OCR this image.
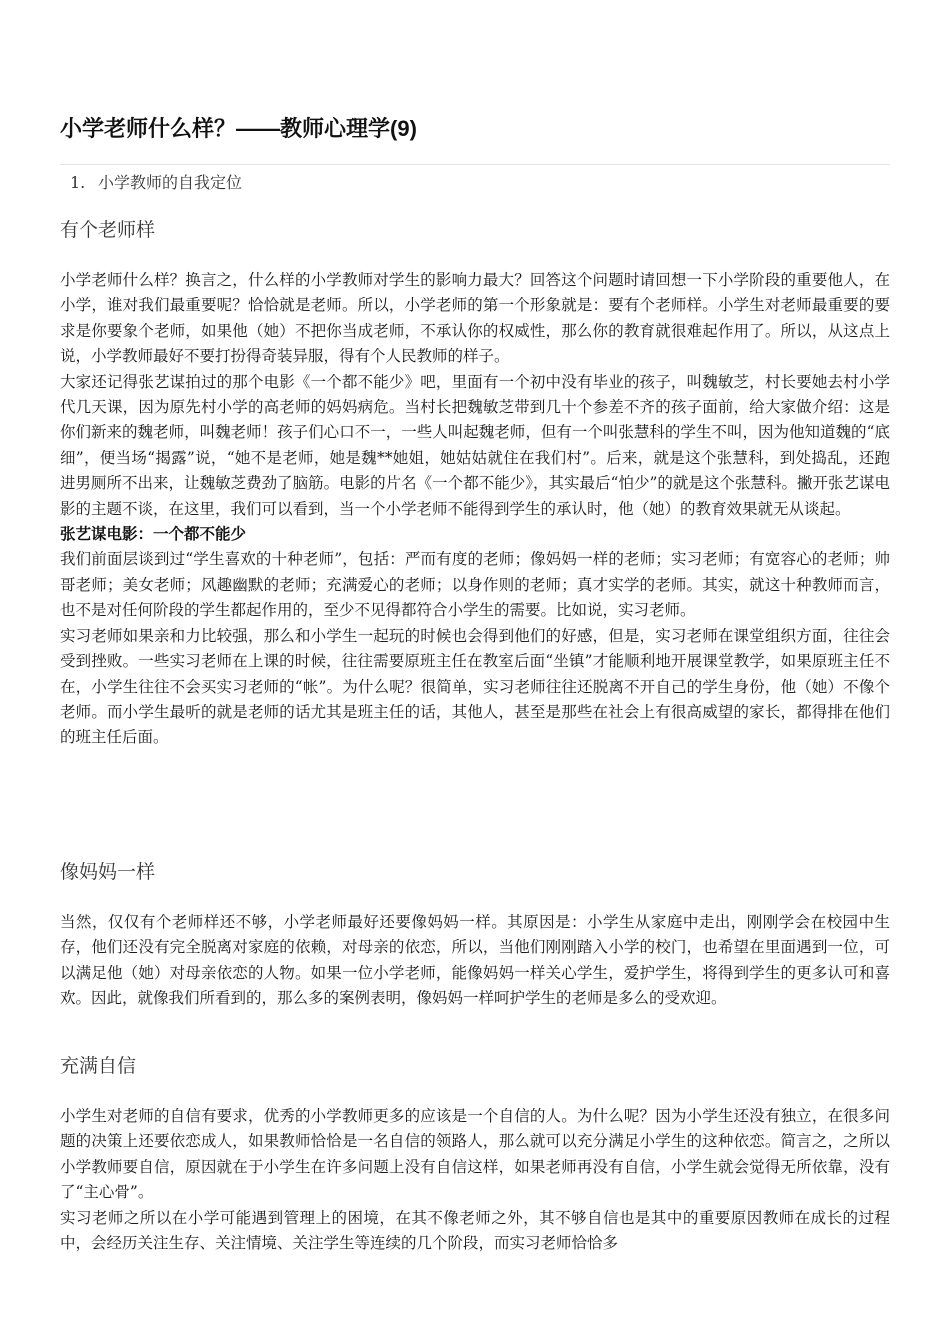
小学老师什么样？——教师心理学(9)
1. 小学教师的自我定位
有个老师样

小学老师什么样？换言之，什么样的小学教师对学生的影响力最大？回答这个问题时请回想一下小学阶段的重要他人，在小学，谁对我们最重要呢？恰恰就是老师。所以，小学老师的第一个形象就是：要有个老师样。小学生对老师最重要的要求是你要象个老师，如果他（她）不把你当成老师，不承认你的权威性，那么你的教育就很难起作用了。所以，从这点上说，小学教师最好不要打扮得奇装异服，得有个人民教师的样子。

大家还记得张艺谋拍过的那个电影《一个都不能少》吧，里面有一个初中没有毕业的孩子，叫魏敏芝，村长要她去村小学代几天课，因为原先村小学的高老师的妈妈病危。当村长把魏敏芝带到几十个参差不齐的孩子面前，给大家做介绍：这是你们新来的魏老师，叫魏老师！孩子们心口不一，一些人叫起魏老师，但有一个叫张慧科的学生不叫，因为他知道魏的“底细”，便当场“揭露”说，“她不是老师，她是魏**她姐，她姑姑就住在我们村”。后来，就是这个张慧科，到处捣乱，还跑进男厕所不出来，让魏敏芝费劲了脑筋。电影的片名《一个都不能少》，其实最后“怕少”的就是这个张慧科。撇开张艺谋电影的主题不谈，在这里，我们可以看到，当一个小学老师不能得到学生的承认时，他（她）的教育效果就无从谈起。

张艺谋电影：一个都不能少

我们前面层谈到过“学生喜欢的十种老师”，包括：严而有度的老师；像妈妈一样的老师；实习老师；有宽容心的老师；帅哥老师；美女老师；风趣幽默的老师；充满爱心的老师；以身作则的老师；真才实学的老师。其实，就这十种教师而言，也不是对任何阶段的学生都起作用的，至少不见得都符合小学生的需要。比如说，实习老师。

实习老师如果亲和力比较强，那么和小学生一起玩的时候也会得到他们的好感，但是，实习老师在课堂组织方面，往往会受到挫败。一些实习老师在上课的时候，往往需要原班主任在教室后面“坐镇”才能顺利地开展课堂教学，如果原班主任不在，小学生往往不会买实习老师的“帐”。为什么呢？很简单，实习老师往往还脱离不开自己的学生身份，他（她）不像个老师。而小学生最听的就是老师的话尤其是班主任的话，其他人，甚至是那些在社会上有很高威望的家长，都得排在他们的班主任后面。

像妈妈一样

当然，仅仅有个老师样还不够，小学老师最好还要像妈妈一样。其原因是：小学生从家庭中走出，刚刚学会在校园中生存，他们还没有完全脱离对家庭的依赖，对母亲的依恋，所以，当他们刚刚踏入小学的校门，也希望在里面遇到一位，可以满足他（她）对母亲依恋的人物。如果一位小学老师，能像妈妈一样关心学生，爱护学生，将得到学生的更多认可和喜欢。因此，就像我们所看到的，那么多的案例表明，像妈妈一样呵护学生的老师是多么的受欢迎。

充满自信

小学生对老师的自信有要求，优秀的小学教师更多的应该是一个自信的人。为什么呢？因为小学生还没有独立，在很多问题的决策上还要依恋成人，如果教师恰恰是一名自信的领路人，那么就可以充分满足小学生的这种依恋。简言之，之所以小学教师要自信，原因就在于小学生在许多问题上没有自信这样，如果老师再没有自信，小学生就会觉得无所依靠，没有了“主心骨”。

实习老师之所以在小学可能遇到管理上的困境，在其不像老师之外，其不够自信也是其中的重要原因教师在成长的过程中，会经历关注生存、关注情境、关注学生等连续的几个阶段，而实习老师恰恰多
